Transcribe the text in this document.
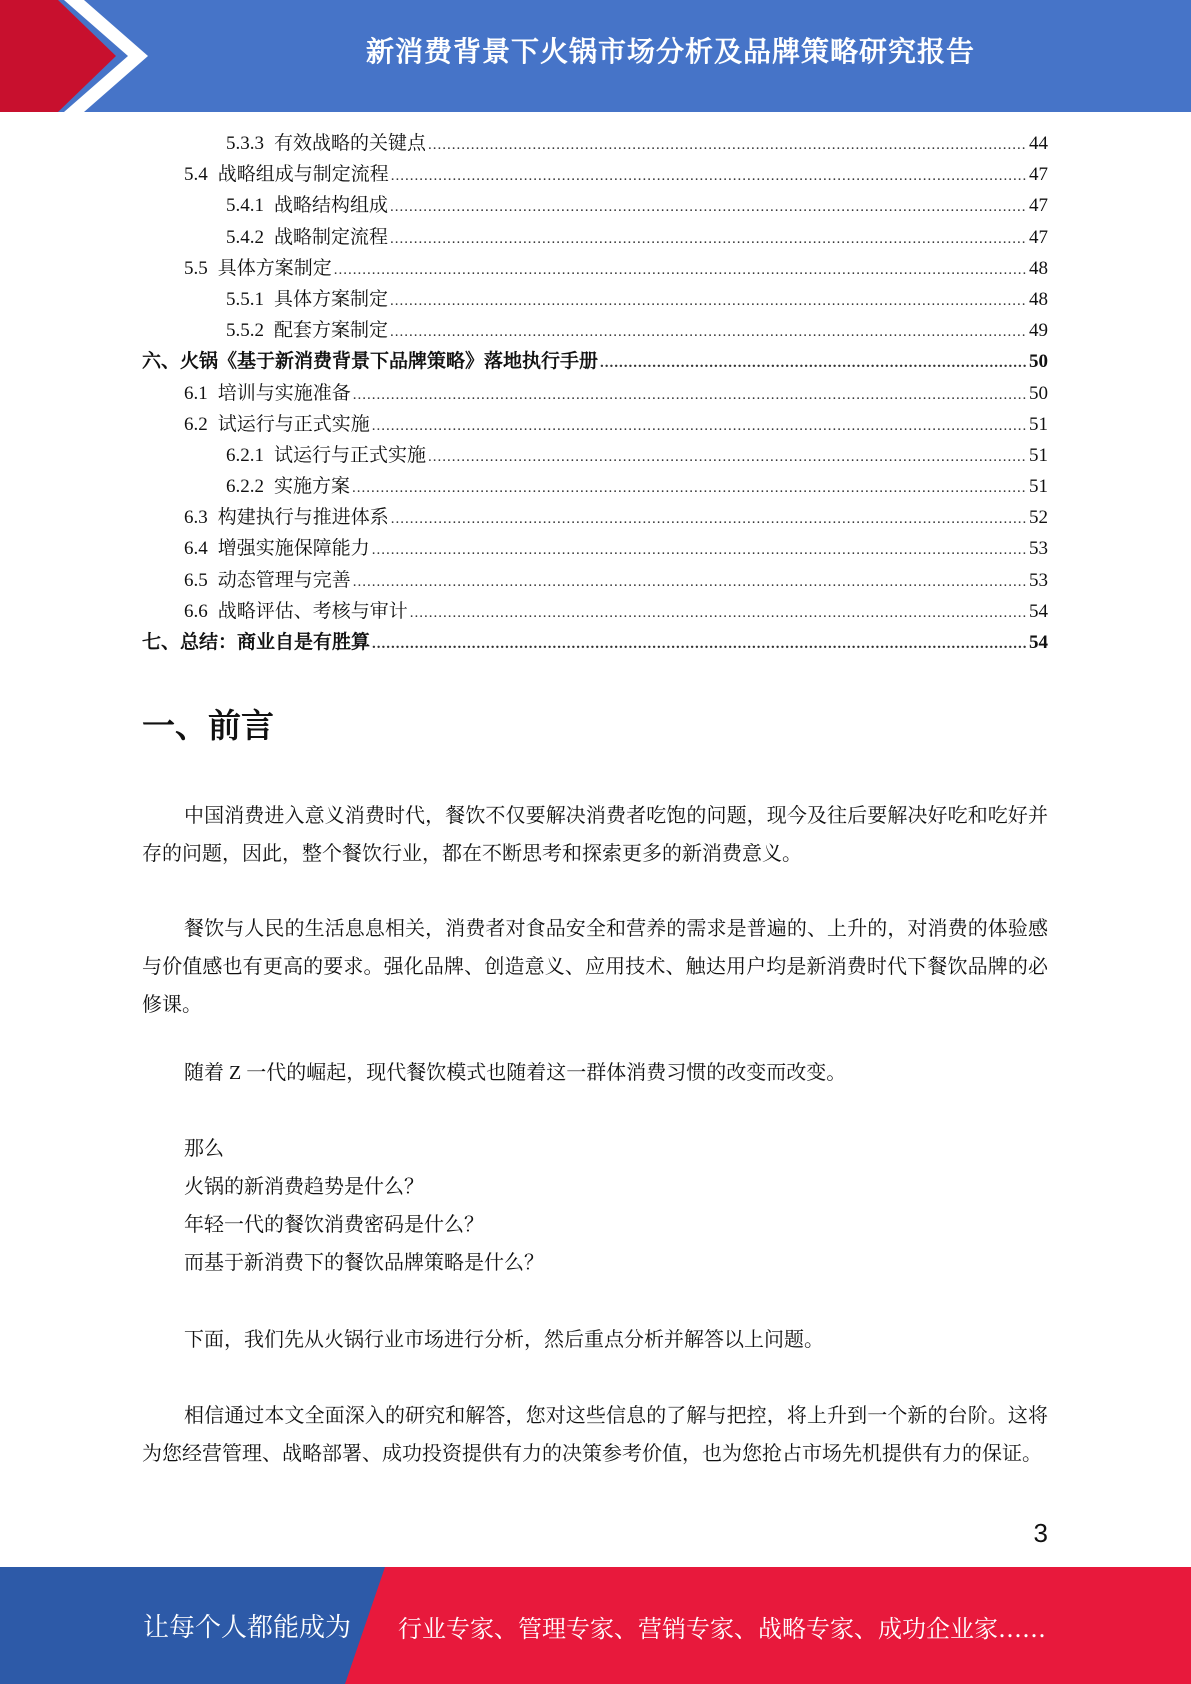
新消费背景下火锅市场分析及品牌策略研究报告
5.3.3 有效战略的关键点 .....	44
5.4 战略组成与制定流程 .....	47
5.4.1 战略结构组成 .....	47
5.4.2 战略制定流程 .....	47
5.5 具体方案制定 .....	48
5.5.1 具体方案制定 .....	48
5.5.2 配套方案制定 .....	49
六、火锅《基于新消费背景下品牌策略》落地执行手册 .....	50
6.1 培训与实施准备 .....	50
6.2 试运行与正式实施 .....	51
6.2.1 试运行与正式实施 .....	51
6.2.2 实施方案 .....	51
6.3 构建执行与推进体系 .....	52
6.4 增强实施保障能力 .....	53
6.5 动态管理与完善 .....	53
6.6 战略评估、考核与审计 .....	54
七、总结：商业自是有胜算 .....	54
一、前言
中国消费进入意义消费时代，餐饮不仅要解决消费者吃饱的问题，现今及往后要解决好吃和吃好并存的问题，因此，整个餐饮行业，都在不断思考和探索更多的新消费意义。
餐饮与人民的生活息息相关，消费者对食品安全和营养的需求是普遍的、上升的，对消费的体验感与价值感也有更高的要求。强化品牌、创造意义、应用技术、触达用户均是新消费时代下餐饮品牌的必修课。
随着 Z 一代的崛起，现代餐饮模式也随着这一群体消费习惯的改变而改变。
那么
火锅的新消费趋势是什么？
年轻一代的餐饮消费密码是什么？
而基于新消费下的餐饮品牌策略是什么？
下面，我们先从火锅行业市场进行分析，然后重点分析并解答以上问题。
相信通过本文全面深入的研究和解答，您对这些信息的了解与把控，将上升到一个新的台阶。这将为您经营管理、战略部署、成功投资提供有力的决策参考价值，也为您抢占市场先机提供有力的保证。
3
让每个人都能成为 行业专家、管理专家、营销专家、战略专家、成功企业家……
